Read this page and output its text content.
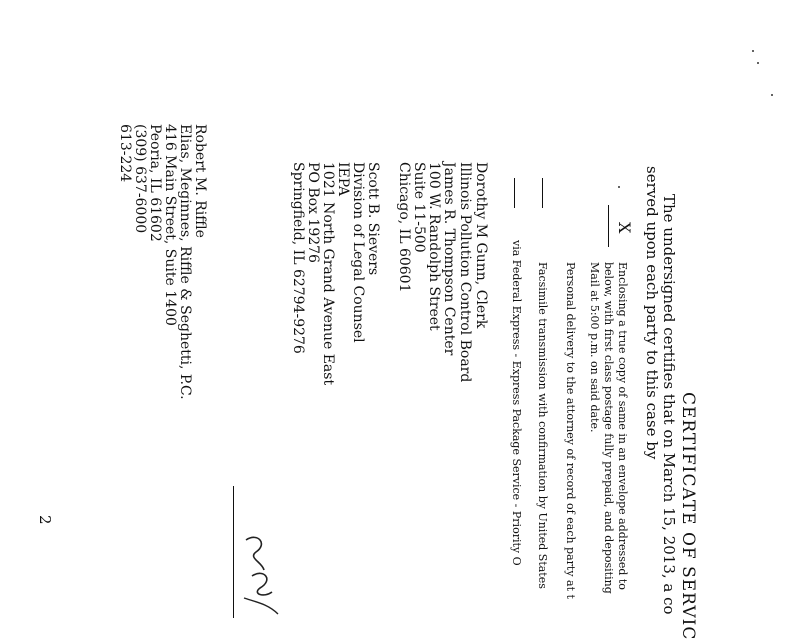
CERTIFICATE OF SERVIC
The undersigned certifies that on March 15, 2013, a co
served upon each party to this case by
X
Enclosing a true copy of same in an envelope addressed to
below, with first class postage fully prepaid, and depositing
Mail at 5:00 p.m. on said date.
Personal delivery to the attorney of record of each party at t
Facsimile transmission with confirmation by United States
via Federal Express - Express Package Service - Priority O
Dorothy M Gunn, Clerk
Illinois Pollution Control Board
James R. Thompson Center
100 W. Randolph Street
Suite 11-500
Chicago, IL 60601
Scott B. Sievers
Division of Legal Counsel
IEPA
1021 North Grand Avenue East
PO Box 19276
Springfield, IL 62794-9276
Robert M. Riffle
Elias, Meginnes, Riffle & Seghetti, P.C.
416 Main Street, Suite 1400
Peoria, IL 61602
(309) 637-6000
613-224
2
